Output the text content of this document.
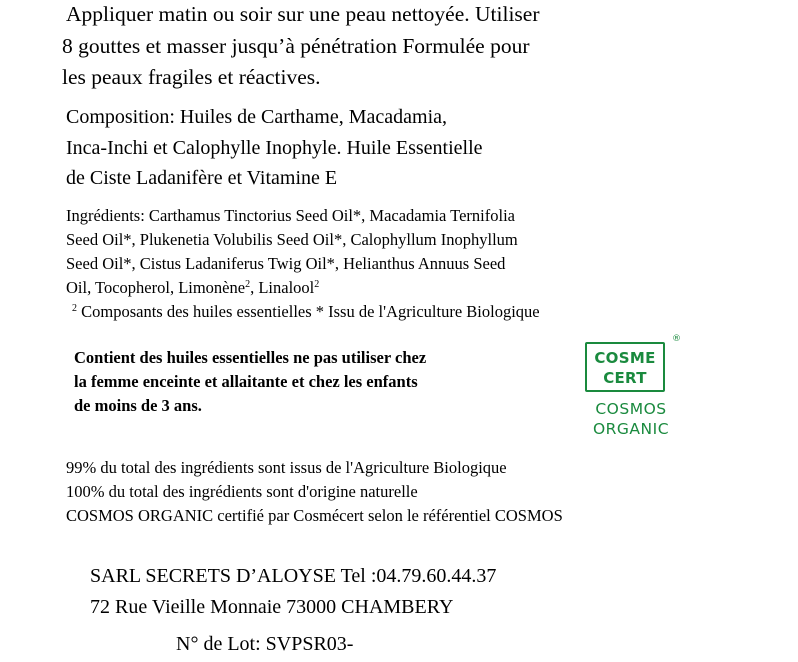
Appliquer matin ou soir sur une peau nettoyée. Utiliser
8 gouttes et masser jusqu’à pénétration Formulée pour
les peaux fragiles et réactives.
Composition: Huiles de Carthame, Macadamia,
Inca-Inchi et Calophylle Inophyle. Huile Essentielle
de Ciste Ladanifère et Vitamine E
Ingrédients: Carthamus Tinctorius Seed Oil*, Macadamia Ternifolia
Seed Oil*, Plukenetia Volubilis Seed Oil*, Calophyllum Inophyllum
Seed Oil*, Cistus Ladaniferus Twig Oil*, Helianthus Annuus Seed
Oil, Tocopherol, Limonène$^2$, Linalool$^2$
$^2$ Composants des huiles essentielles * Issu de l'Agriculture Biologique
Contient des huiles essentielles ne pas utiliser chez
la femme enceinte et allaitante et chez les enfants
de moins de 3 ans.
COSME
CERT
®
COSMOS
ORGANIC
99% du total des ingrédients sont issus de l'Agriculture Biologique
100% du total des ingrédients sont d'origine naturelle
COSMOS ORGANIC certifié par Cosmécert selon le référentiel COSMOS
SARL SECRETS D’ALOYSE Tel :04.79.60.44.37
72 Rue Vieille Monnaie 73000 CHAMBERY
N° de Lot: SVPSR03-
